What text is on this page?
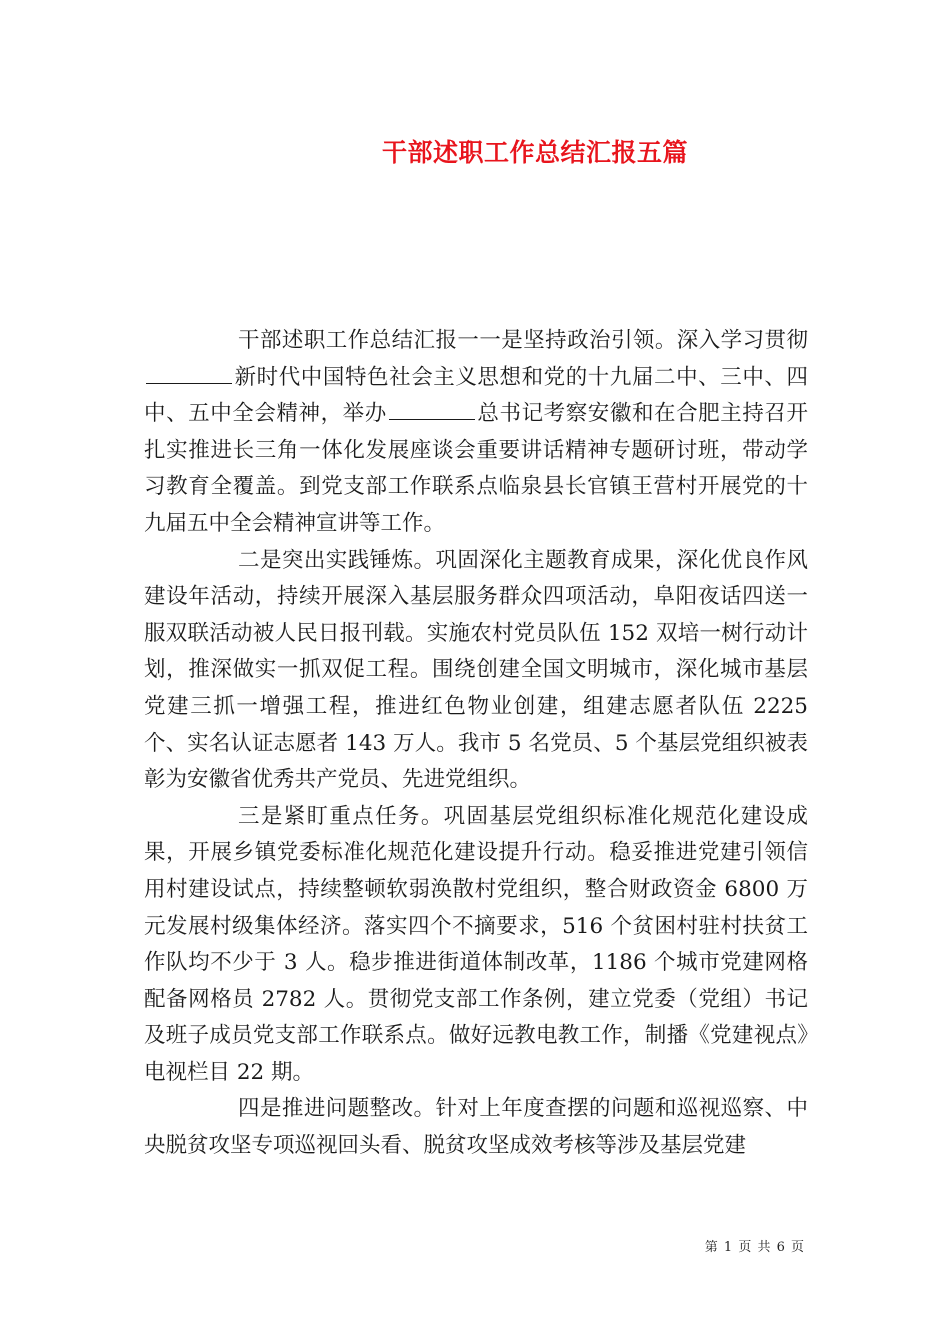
干部述职工作总结汇报五篇

干部述职工作总结汇报一一是坚持政治引领。深入学习贯彻新时代中国特色社会主义思想和党的十九届二中、三中、四中、五中全会精神，举办	总书记考察安徽和在合肥主持召开扎实推进长三角一体化发展座谈会重要讲话精神专题研讨班，带动学习教育全覆盖。到党支部工作联系点临泉县长官镇王营村开展党的十九届五中全会精神宣讲等工作。

二是突出实践锤炼。巩固深化主题教育成果，深化优良作风建设年活动，持续开展深入基层服务群众四项活动，阜阳夜话四送一服双联活动被人民日报刊载。实施农村党员队伍 152 双培一树行动计划，推深做实一抓双促工程。围绕创建全国文明城市，深化城市基层党建三抓一增强工程，推进红色物业创建，组建志愿者队伍 2225 个、实名认证志愿者 143 万人。我市 5 名党员、5 个基层党组织被表彰为安徽省优秀共产党员、先进党组织。

三是紧盯重点任务。巩固基层党组织标准化规范化建设成果，开展乡镇党委标准化规范化建设提升行动。稳妥推进党建引领信用村建设试点，持续整顿软弱涣散村党组织，整合财政资金 6800 万元发展村级集体经济。落实四个不摘要求，516 个贫困村驻村扶贫工作队均不少于 3 人。稳步推进街道体制改革，1186 个城市党建网格配备网格员 2782 人。贯彻党支部工作条例，建立党委（党组）书记及班子成员党支部工作联系点。做好远教电教工作，制播《党建视点》电视栏目 22 期。

四是推进问题整改。针对上年度查摆的问题和巡视巡察、中央脱贫攻坚专项巡视回头看、脱贫攻坚成效考核等涉及基层党建

第 1 页 共 6 页
